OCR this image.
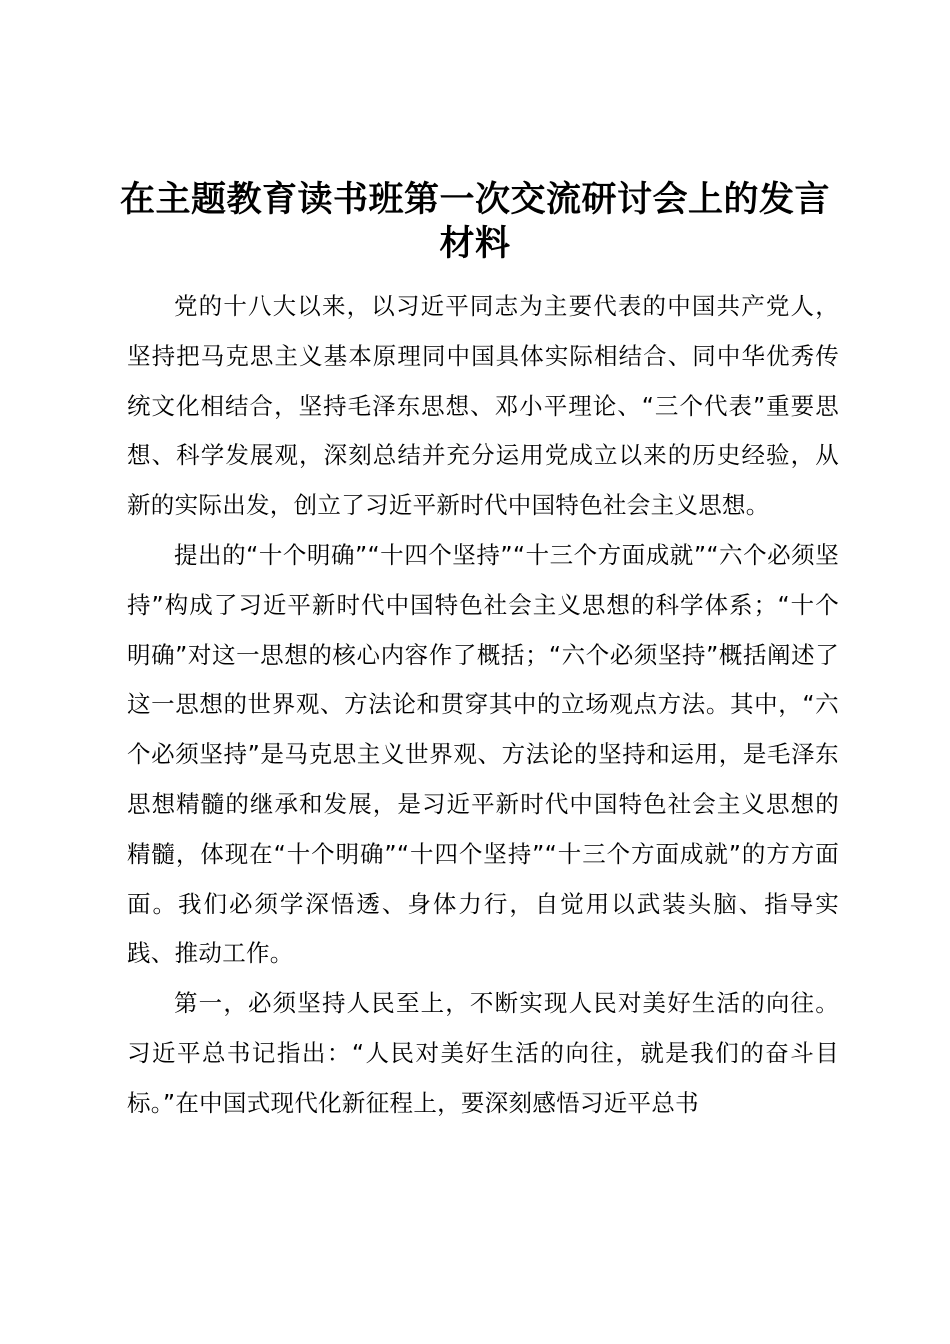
在主题教育读书班第一次交流研讨会上的发言材料

党的十八大以来，以习近平同志为主要代表的中国共产党人，坚持把马克思主义基本原理同中国具体实际相结合、同中华优秀传统文化相结合，坚持毛泽东思想、邓小平理论、“三个代表”重要思想、科学发展观，深刻总结并充分运用党成立以来的历史经验，从新的实际出发，创立了习近平新时代中国特色社会主义思想。

提出的“十个明确”“十四个坚持”“十三个方面成就”“六个必须坚持”构成了习近平新时代中国特色社会主义思想的科学体系；“十个明确”对这一思想的核心内容作了概括；“六个必须坚持”概括阐述了这一思想的世界观、方法论和贯穿其中的立场观点方法。其中，“六个必须坚持”是马克思主义世界观、方法论的坚持和运用，是毛泽东思想精髓的继承和发展，是习近平新时代中国特色社会主义思想的精髓，体现在“十个明确”“十四个坚持”“十三个方面成就”的方方面面。我们必须学深悟透、身体力行，自觉用以武装头脑、指导实践、推动工作。

第一，必须坚持人民至上，不断实现人民对美好生活的向往。习近平总书记指出：“人民对美好生活的向往，就是我们的奋斗目标。”在中国式现代化新征程上，要深刻感悟习近平总书
